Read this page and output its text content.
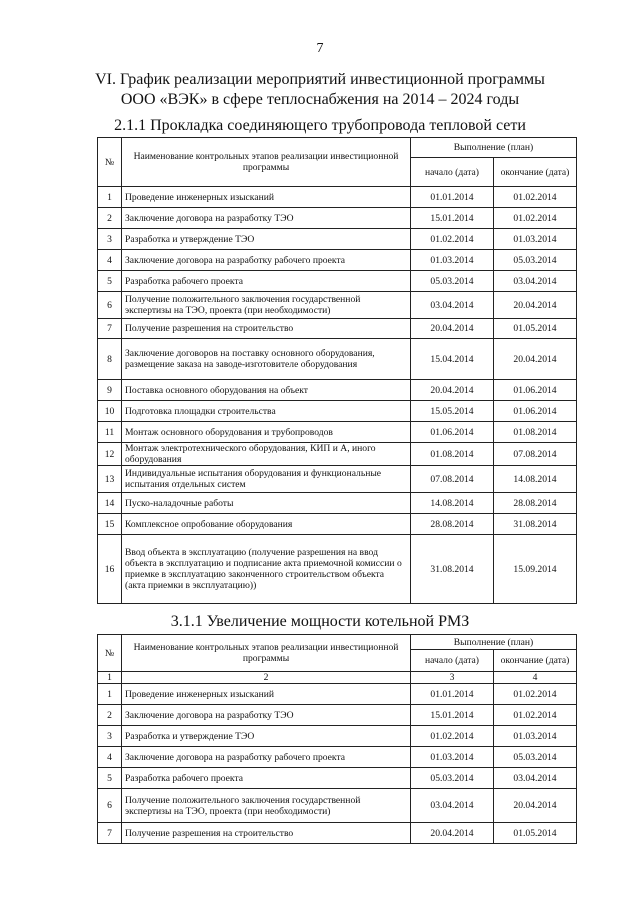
7
VI. График реализации мероприятий инвестиционной программы
ООО «ВЭК» в сфере теплоснабжения на 2014 – 2024 годы
2.1.1 Прокладка соединяющего трубопровода тепловой сети
№	Наименование контрольных этапов реализации инвестиционной программы	Выполнение (план)	
		начало (дата)	окончание (дата)
1	Проведение инженерных изысканий	01.01.2014	01.02.2014
2	Заключение договора на разработку ТЭО	15.01.2014	01.02.2014
3	Разработка и утверждение ТЭО	01.02.2014	01.03.2014
4	Заключение договора на разработку рабочего проекта	01.03.2014	05.03.2014
5	Разработка рабочего проекта	05.03.2014	03.04.2014
6	Получение положительного заключения государственной экспертизы на ТЭО, проекта (при необходимости)	03.04.2014	20.04.2014
7	Получение разрешения на строительство	20.04.2014	01.05.2014
8	Заключение договоров на поставку основного оборудования, размещение заказа на заводе-изготовителе оборудования	15.04.2014	20.04.2014
9	Поставка основного оборудования на объект	20.04.2014	01.06.2014
10	Подготовка площадки строительства	15.05.2014	01.06.2014
11	Монтаж основного оборудования и трубопроводов	01.06.2014	01.08.2014
12	Монтаж электротехнического оборудования, КИП и А, иного оборудования	01.08.2014	07.08.2014
13	Индивидуальные испытания оборудования и функциональные испытания отдельных систем	07.08.2014	14.08.2014
14	Пуско-наладочные работы	14.08.2014	28.08.2014
15	Комплексное опробование оборудования	28.08.2014	31.08.2014
16	Ввод объекта в эксплуатацию (получение разрешения на ввод объекта в эксплуатацию и подписание акта приемочной комиссии о приемке в эксплуатацию законченного строительством объекта (акта приемки в эксплуатацию))	31.08.2014	15.09.2014
3.1.1 Увеличение мощности котельной РМЗ
№	Наименование контрольных этапов реализации инвестиционной программы	Выполнение (план)	
		начало (дата)	окончание (дата)
1	2	3	4
1	Проведение инженерных изысканий	01.01.2014	01.02.2014
2	Заключение договора на разработку ТЭО	15.01.2014	01.02.2014
3	Разработка и утверждение ТЭО	01.02.2014	01.03.2014
4	Заключение договора на разработку рабочего проекта	01.03.2014	05.03.2014
5	Разработка рабочего проекта	05.03.2014	03.04.2014
6	Получение положительного заключения государственной экспертизы на ТЭО, проекта (при необходимости)	03.04.2014	20.04.2014
7	Получение разрешения на строительство	20.04.2014	01.05.2014
